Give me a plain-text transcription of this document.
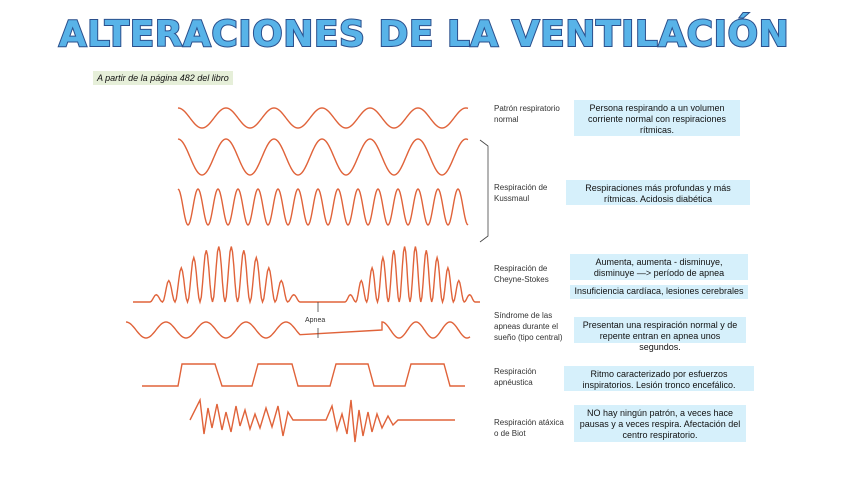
ALTERACIONES DE LA VENTILACIÓN
A partir de la página 482 del libro
Apnea
Patrón respiratorio normal
Respiración de Kussmaul
Respiración de Cheyne-Stokes
Síndrome de las apneas durante el sueño (tipo central)
Respiración apnéustica
Respiración atáxica o de Biot
Persona respirando a un volumen corriente normal con respiraciones rítmicas.
Respiraciones más profundas y más rítmicas. Acidosis diabética
Aumenta, aumenta - disminuye, disminuye —> período de apnea
Insuficiencia cardíaca, lesiones cerebrales
Presentan una respiración normal y de repente entran en apnea unos segundos.
Ritmo caracterizado por esfuerzos inspiratorios. Lesión tronco encefálico.
NO hay ningún patrón, a veces hace pausas y a veces respira. Afectación del centro respiratorio.
